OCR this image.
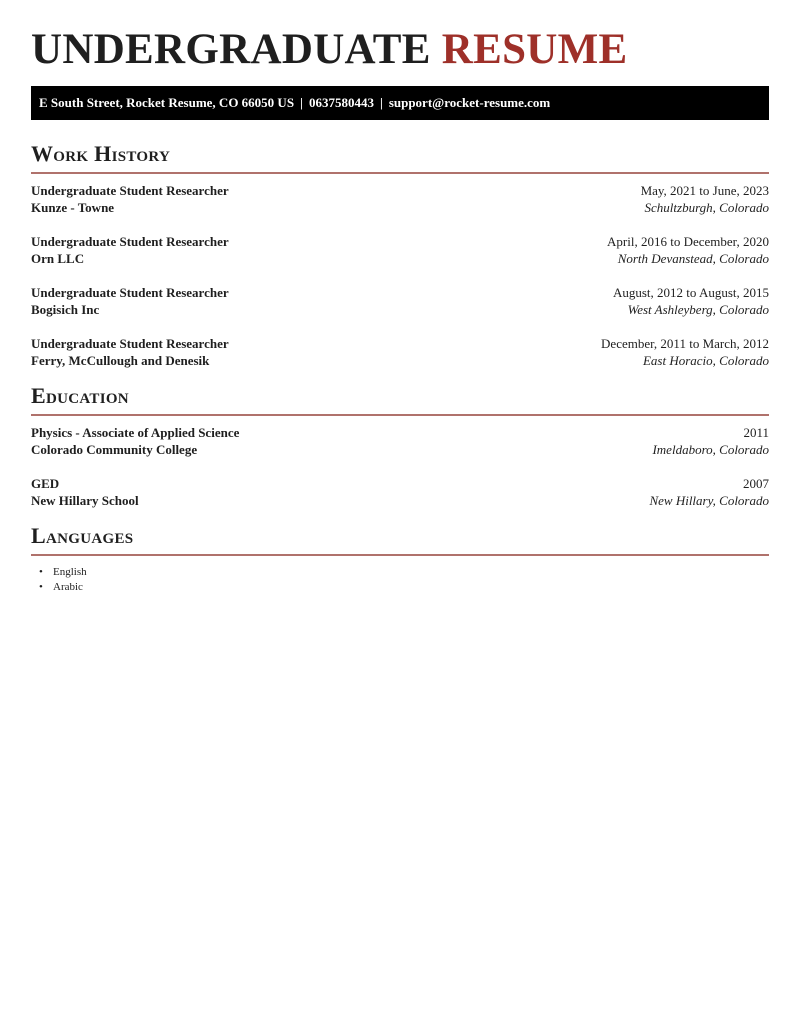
UNDERGRADUATE RESUME
E South Street, Rocket Resume, CO 66050 US | 0637580443 | support@rocket-resume.com
Work History
Undergraduate Student Researcher	May, 2021 to June, 2023
Kunze - Towne	Schultzburgh, Colorado
Undergraduate Student Researcher	April, 2016 to December, 2020
Orn LLC	North Devanstead, Colorado
Undergraduate Student Researcher	August, 2012 to August, 2015
Bogisich Inc	West Ashleyberg, Colorado
Undergraduate Student Researcher	December, 2011 to March, 2012
Ferry, McCullough and Denesik	East Horacio, Colorado
Education
Physics - Associate of Applied Science	2011
Colorado Community College	Imeldaboro, Colorado
GED	2007
New Hillary School	New Hillary, Colorado
Languages
• English
• Arabic
